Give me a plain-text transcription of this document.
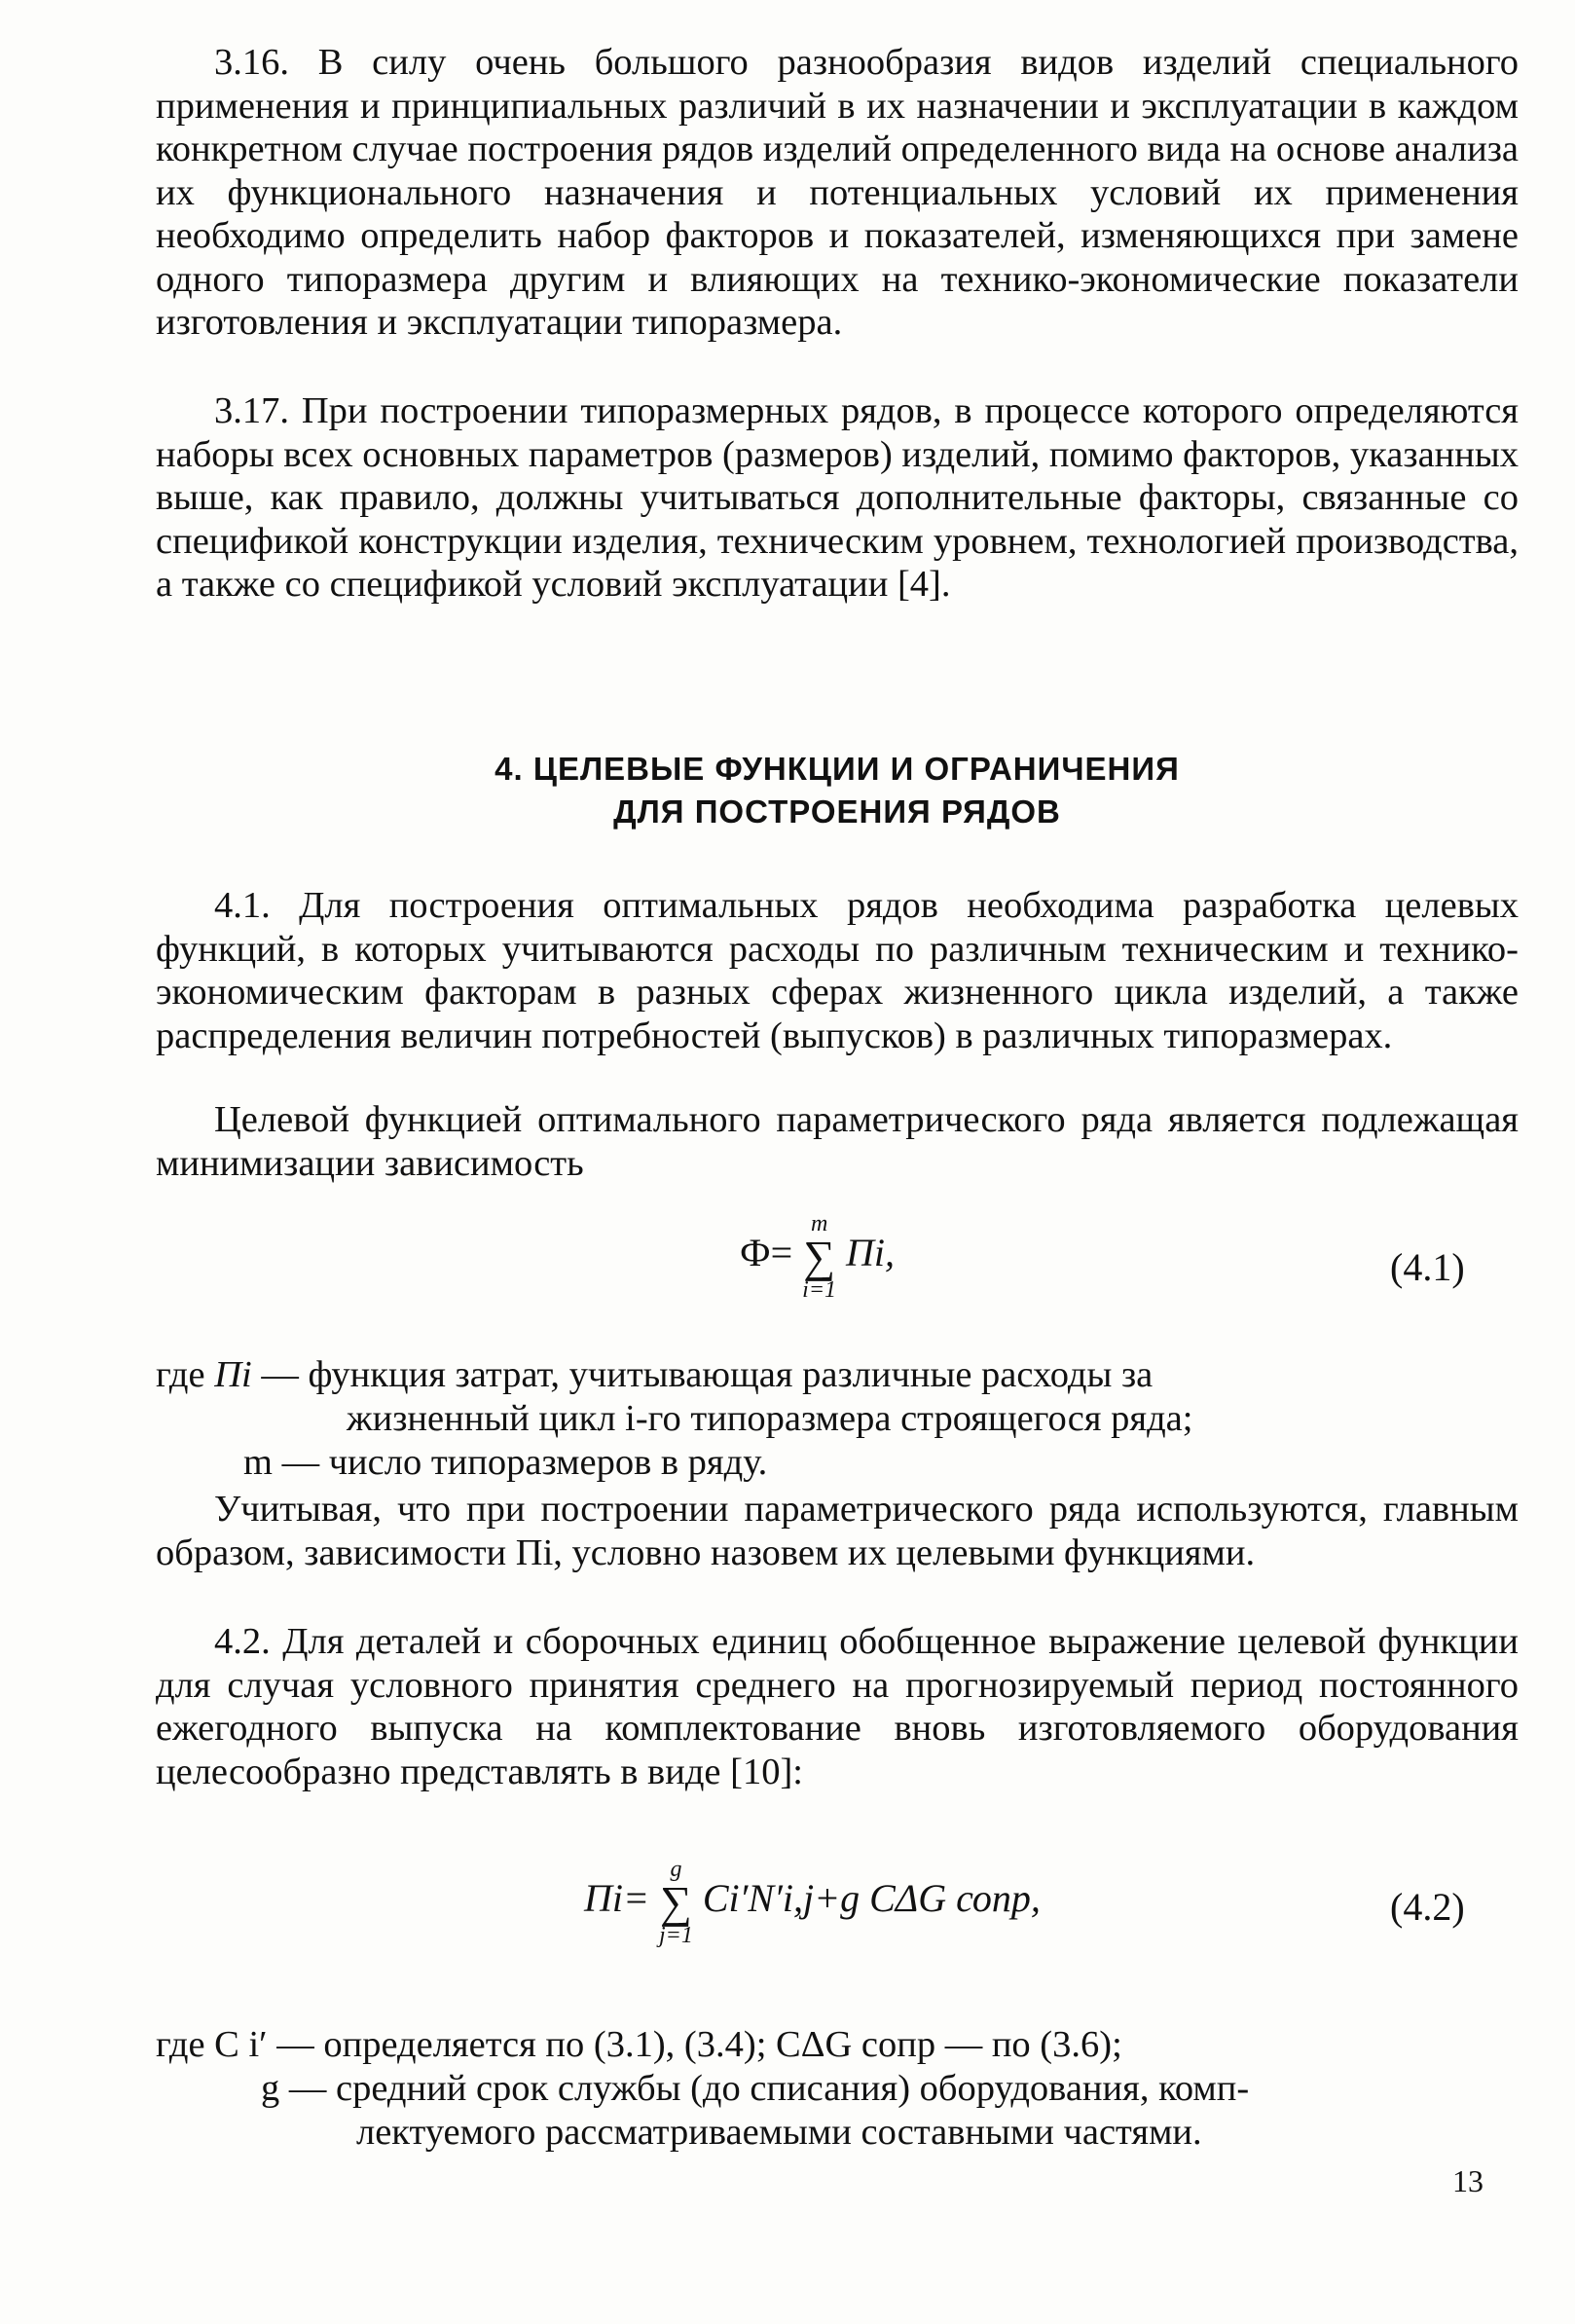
3.16. В силу очень большого разнообразия видов изделий специального применения и принципиальных различий в их назначении и эксплуатации в каждом конкретном случае построения рядов изделий определенного вида на основе анализа их функционального назначения и потенциальных условий их применения необходимо определить набор факторов и показателей, изменяющихся при замене одного типоразмера другим и влияющих на технико-экономические показатели изготовления и эксплуатации типоразмера.

3.17. При построении типоразмерных рядов, в процессе которого определяются наборы всех основных параметров (размеров) изделий, помимо факторов, указанных выше, как правило, должны учитываться дополнительные факторы, связанные со спецификой конструкции изделия, техническим уровнем, технологией производства, а также со спецификой условий эксплуатации [4].

4. ЦЕЛЕВЫЕ ФУНКЦИИ И ОГРАНИЧЕНИЯ

ДЛЯ ПОСТРОЕНИЯ РЯДОВ

4.1. Для построения оптимальных рядов необходима разработка целевых функций, в которых учитываются расходы по различным техническим и технико-экономическим факторам в разных сферах жизненного цикла изделий, а также распределения величин потребностей (выпусков) в различных типоразмерах.

Целевой функцией оптимального параметрического ряда является подлежащая минимизации зависимость

Ф=
m
∑
i=1
Пi,	(4.1)

где Пi — функция затрат, учитывающая различные расходы за

жизненный цикл i-го типоразмера строящегося ряда;

m — число типоразмеров в ряду.

Учитывая, что при построении параметрического ряда используются, главным образом, зависимости Пi, условно назовем их целевыми функциями.

4.2. Для деталей и сборочных единиц обобщенное выражение целевой функции для случая условного принятия среднего на прогнозируемый период постоянного ежегодного выпуска на комплектование вновь изготовляемого оборудования целесообразно представлять в виде [10]:

Пi=
g
∑
j=1
Ci′N′i,j+g CΔG сопр,	(4.2)

где C i′ — определяется по (3.1), (3.4); CΔG сопр — по (3.6);

g — средний срок службы (до списания) оборудования, комп-

лектуемого рассматриваемыми составными частями.

13
